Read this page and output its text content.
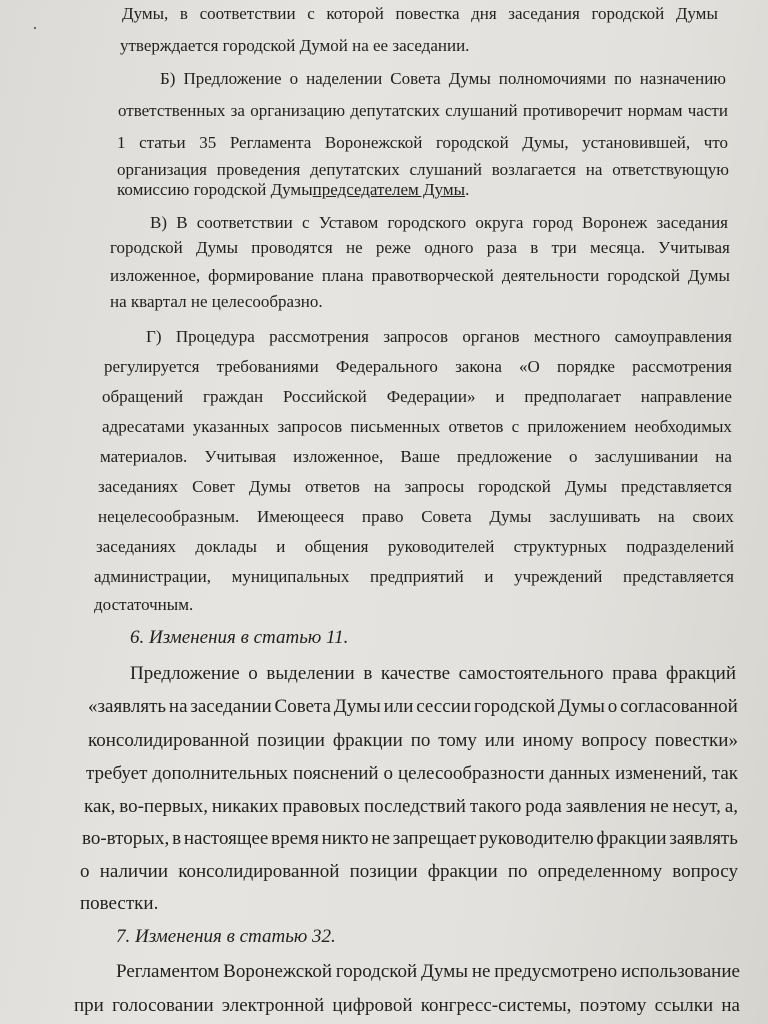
Думы, в соответствии с которой повестка дня заседания городской Думы
утверждается городской Думой на ее заседании.
Б) Предложение о наделении Совета Думы полномочиями по назначению
ответственных за организацию депутатских слушаний противоречит нормам части
1 статьи 35 Регламента Воронежской городской Думы, установившей, что
организация проведения депутатских слушаний возлагается на ответствующую
комиссию городской Думы председателем Думы .
В) В соответствии с Уставом городского округа город Воронеж заседания
городской Думы проводятся не реже одного раза в три месяца. Учитывая
изложенное, формирование плана правотворческой деятельности городской Думы
на квартал не целесообразно.
Г) Процедура рассмотрения запросов органов местного самоуправления
регулируется требованиями Федерального закона «О порядке рассмотрения
обращений граждан Российской Федерации» и предполагает направление
адресатами указанных запросов письменных ответов с приложением необходимых
материалов. Учитывая изложенное, Ваше предложение о заслушивании на
заседаниях Совет Думы ответов на запросы городской Думы представляется
нецелесообразным. Имеющееся право Совета Думы заслушивать на своих
заседаниях доклады и общения руководителей структурных подразделений
администрации, муниципальных предприятий и учреждений представляется
достаточным.
6. Изменения в статью 11.
Предложение о выделении в качестве самостоятельного права фракций
«заявлять на заседании Совета Думы или сессии городской Думы о согласованной
консолидированной позиции фракции по тому или иному вопросу повестки»
требует дополнительных пояснений о целесообразности данных изменений, так
как, во-первых, никаких правовых последствий такого рода заявления не несут, а,
во-вторых, в настоящее время никто не запрещает руководителю фракции заявлять
о наличии консолидированной позиции фракции по определенному вопросу
повестки.
7. Изменения в статью 32.
Регламентом Воронежской городской Думы не предусмотрено использование
при голосовании электронной цифровой конгресс-системы, поэтому ссылки на
